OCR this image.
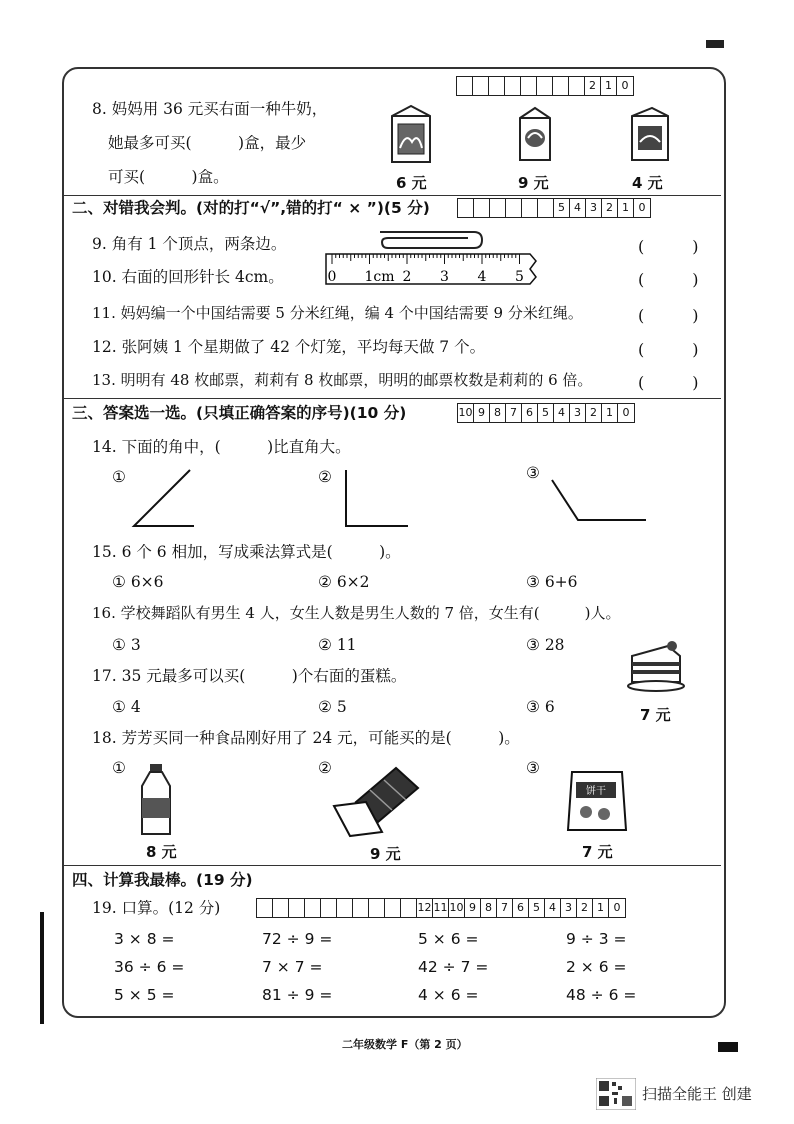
2 1 0
8. 妈妈用 36 元买右面一种牛奶，
她最多可买(　　　)盒，最少
可买(　　　)盒。	6 元	9 元	4 元
二、对错我会判。(对的打“√”,错的打“ × ”)(5 分)	5 4 3 2 1 0
9. 角有 1 个顶点，两条边。	(　　　)
0 1cm 2 3 4 5
10. 右面的回形针长 4cm。	(　　　)
11. 妈妈编一个中国结需要 5 分米红绳，编 4 个中国结需要 9 分米红绳。	(　　　)
12. 张阿姨 1 个星期做了 42 个灯笼，平均每天做 7 个。	(　　　)
13. 明明有 48 枚邮票，莉莉有 8 枚邮票，明明的邮票枚数是莉莉的 6 倍。	(　　　)
三、答案选一选。(只填正确答案的序号)(10 分)	10 9 8 7 6 5 4 3 2 1 0
14. 下面的角中，(　　　)比直角大。
①	②	③
15. 6 个 6 相加，写成乘法算式是(　　　)。
① 6×6	② 6×2	③ 6+6
16. 学校舞蹈队有男生 4 人，女生人数是男生人数的 7 倍，女生有(　　　)人。
① 3	② 11	③ 28
17. 35 元最多可以买(　　　)个右面的蛋糕。
① 4	② 5	③ 6	7 元
18. 芳芳买同一种食品刚好用了 24 元，可能买的是(　　　)。
①	②	③
饼干
8 元	9 元	7 元
四、计算我最棒。(19 分)
19. 口算。(12 分)	12 11 10 9 8 7 6 5 4 3 2 1 0
3 × 8 =	72 ÷ 9 =	5 × 6 =	9 ÷ 3 =
36 ÷ 6 =	7 × 7 =	42 ÷ 7 =	2 × 6 =
5 × 5 =	81 ÷ 9 =	4 × 6 =	48 ÷ 6 =
二年级数学 F（第 2 页）
扫描全能王 创建
